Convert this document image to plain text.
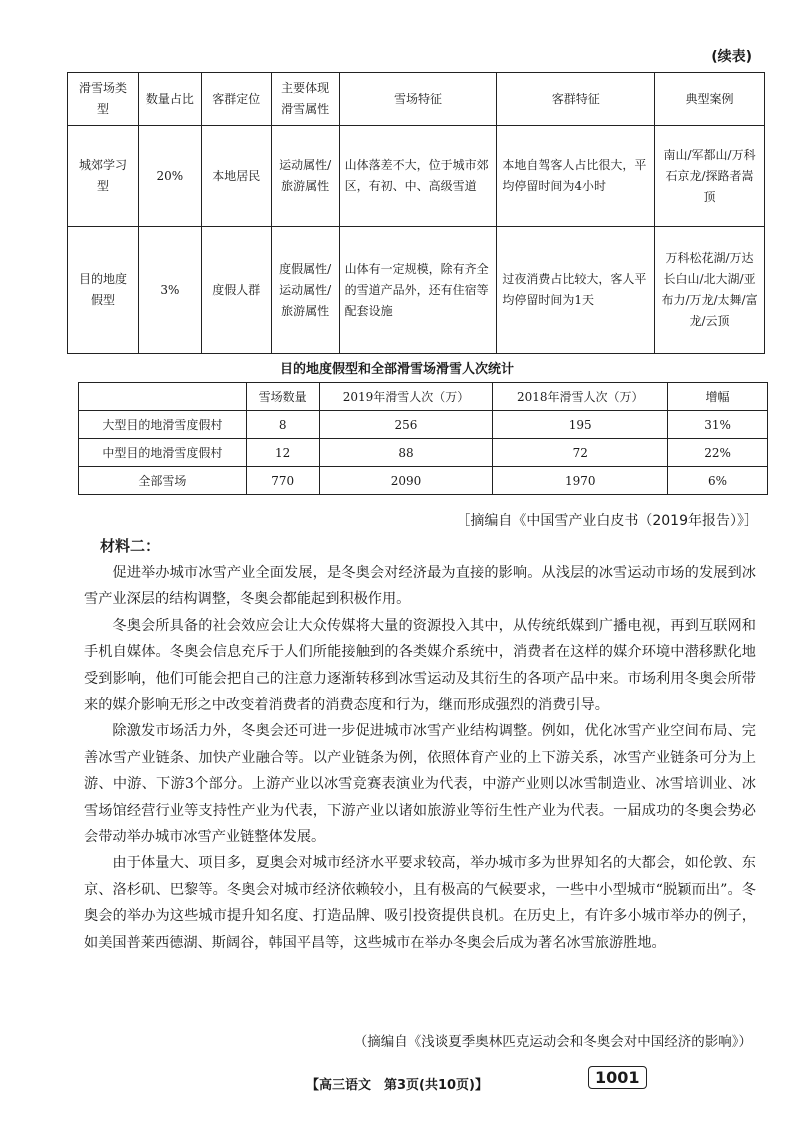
(续表)
滑雪场类型	数量占比	客群定位	主要体现滑雪属性	雪场特征	客群特征	典型案例
城郊学习型	20%	本地居民	运动属性/旅游属性	山体落差不大，位于城市郊区，有初、中、高级雪道	本地自驾客人占比很大，平均停留时间为4小时	南山/军都山/万科石京龙/探路者嵩顶
目的地度假型	3%	度假人群	度假属性/运动属性/旅游属性	山体有一定规模，除有齐全的雪道产品外，还有住宿等配套设施	过夜消费占比较大，客人平均停留时间为1天	万科松花湖/万达长白山/北大湖/亚布力/万龙/太舞/富龙/云顶
目的地度假型和全部滑雪场滑雪人次统计
	雪场数量	2019年滑雪人次（万）	2018年滑雪人次（万）	增幅
大型目的地滑雪度假村	8	256	195	31%
中型目的地滑雪度假村	12	88	72	22%
全部雪场	770	2090	1970	6%
［摘编自《中国雪产业白皮书（2019年报告）》］
材料二：

促进举办城市冰雪产业全面发展，是冬奥会对经济最为直接的影响。从浅层的冰雪运动市场的发展到冰雪产业深层的结构调整，冬奥会都能起到积极作用。

冬奥会所具备的社会效应会让大众传媒将大量的资源投入其中，从传统纸媒到广播电视，再到互联网和手机自媒体。冬奥会信息充斥于人们所能接触到的各类媒介系统中，消费者在这样的媒介环境中潜移默化地受到影响，他们可能会把自己的注意力逐渐转移到冰雪运动及其衍生的各项产品中来。市场利用冬奥会所带来的媒介影响无形之中改变着消费者的消费态度和行为，继而形成强烈的消费引导。

除激发市场活力外，冬奥会还可进一步促进城市冰雪产业结构调整。例如，优化冰雪产业空间布局、完善冰雪产业链条、加快产业融合等。以产业链条为例，依照体育产业的上下游关系，冰雪产业链条可分为上游、中游、下游3个部分。上游产业以冰雪竞赛表演业为代表，中游产业则以冰雪制造业、冰雪培训业、冰雪场馆经营行业等支持性产业为代表，下游产业以诸如旅游业等衍生性产业为代表。一届成功的冬奥会势必会带动举办城市冰雪产业链整体发展。

由于体量大、项目多，夏奥会对城市经济水平要求较高，举办城市多为世界知名的大都会，如伦敦、东京、洛杉矶、巴黎等。冬奥会对城市经济依赖较小，且有极高的气候要求，一些中小型城市“脱颖而出”。冬奥会的举办为这些城市提升知名度、打造品牌、吸引投资提供良机。在历史上，有许多小城市举办的例子，如美国普莱西德湖、斯阔谷，韩国平昌等，这些城市在举办冬奥会后成为著名冰雪旅游胜地。

（摘编自《浅谈夏季奥林匹克运动会和冬奥会对中国经济的影响》）
【高三语文　第3页(共10页)】	1001
